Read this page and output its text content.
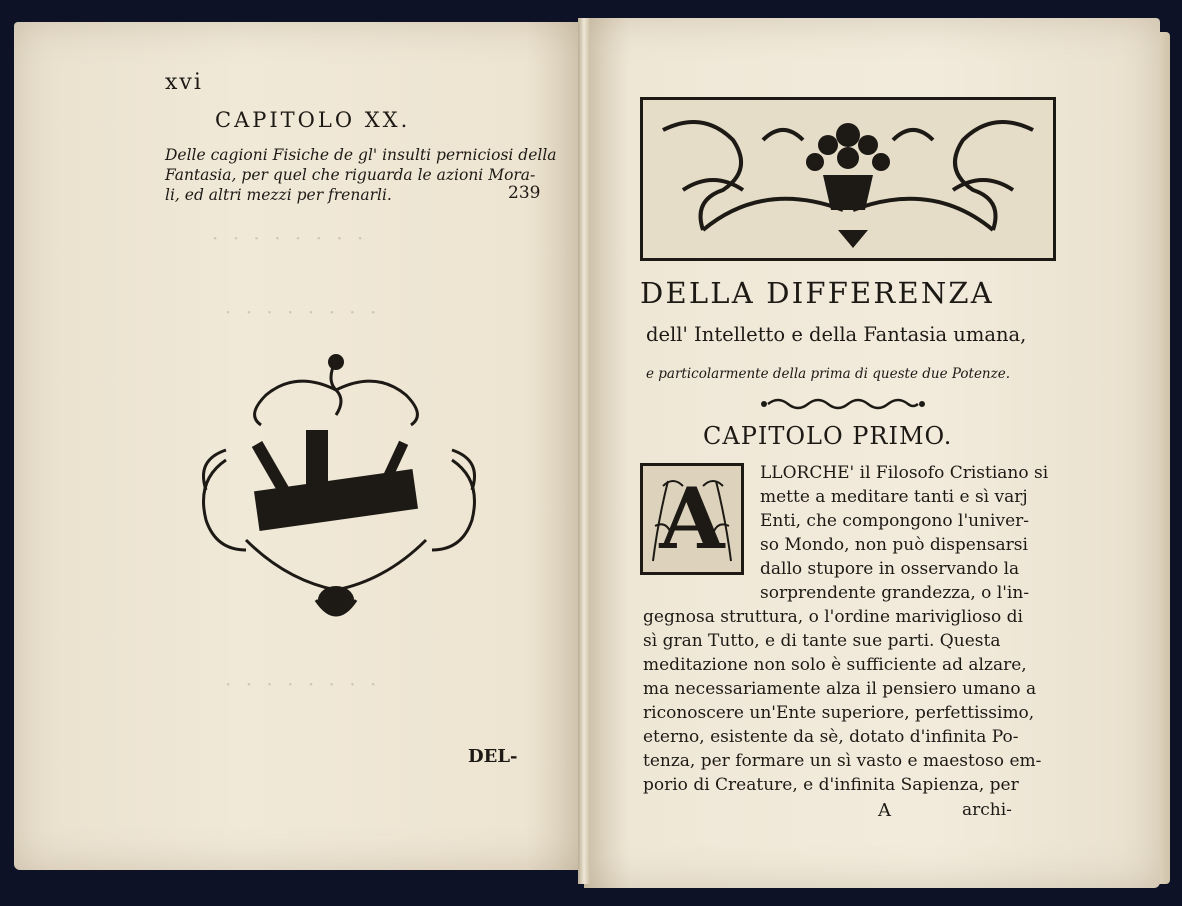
· · · · · · · ·
· · · · · · · ·
· · · · · · · ·
xvi
CAPITOLO XX.
Delle cagioni Fisiche de gl' insulti perniciosi della
Fantasia, per quel che riguarda le azioni Mora-
li, ed altri mezzi per frenarli.	239
DEL-
DELLA DIFFERENZA
dell' Intelletto e della Fantasia umana,
e particolarmente della prima di queste due Potenze.
CAPITOLO PRIMO.
A LLORCHE' il Filosofo Cristiano si
mette a meditare tanti e sì varj
Enti, che compongono l'univer-
so Mondo, non può dispensarsi
dallo stupore in osservando la
sorprendente grandezza, o l'in-
gegnosa struttura, o l'ordine mariviglioso di
sì gran Tutto, e di tante sue parti. Questa
meditazione non solo è sufficiente ad alzare,
ma necessariamente alza il pensiero umano a
riconoscere un'Ente superiore, perfettissimo,
eterno, esistente da sè, dotato d'infinita Po-
tenza, per formare un sì vasto e maestoso em-
porio di Creature, e d'infinita Sapienza, per
A	archi-
